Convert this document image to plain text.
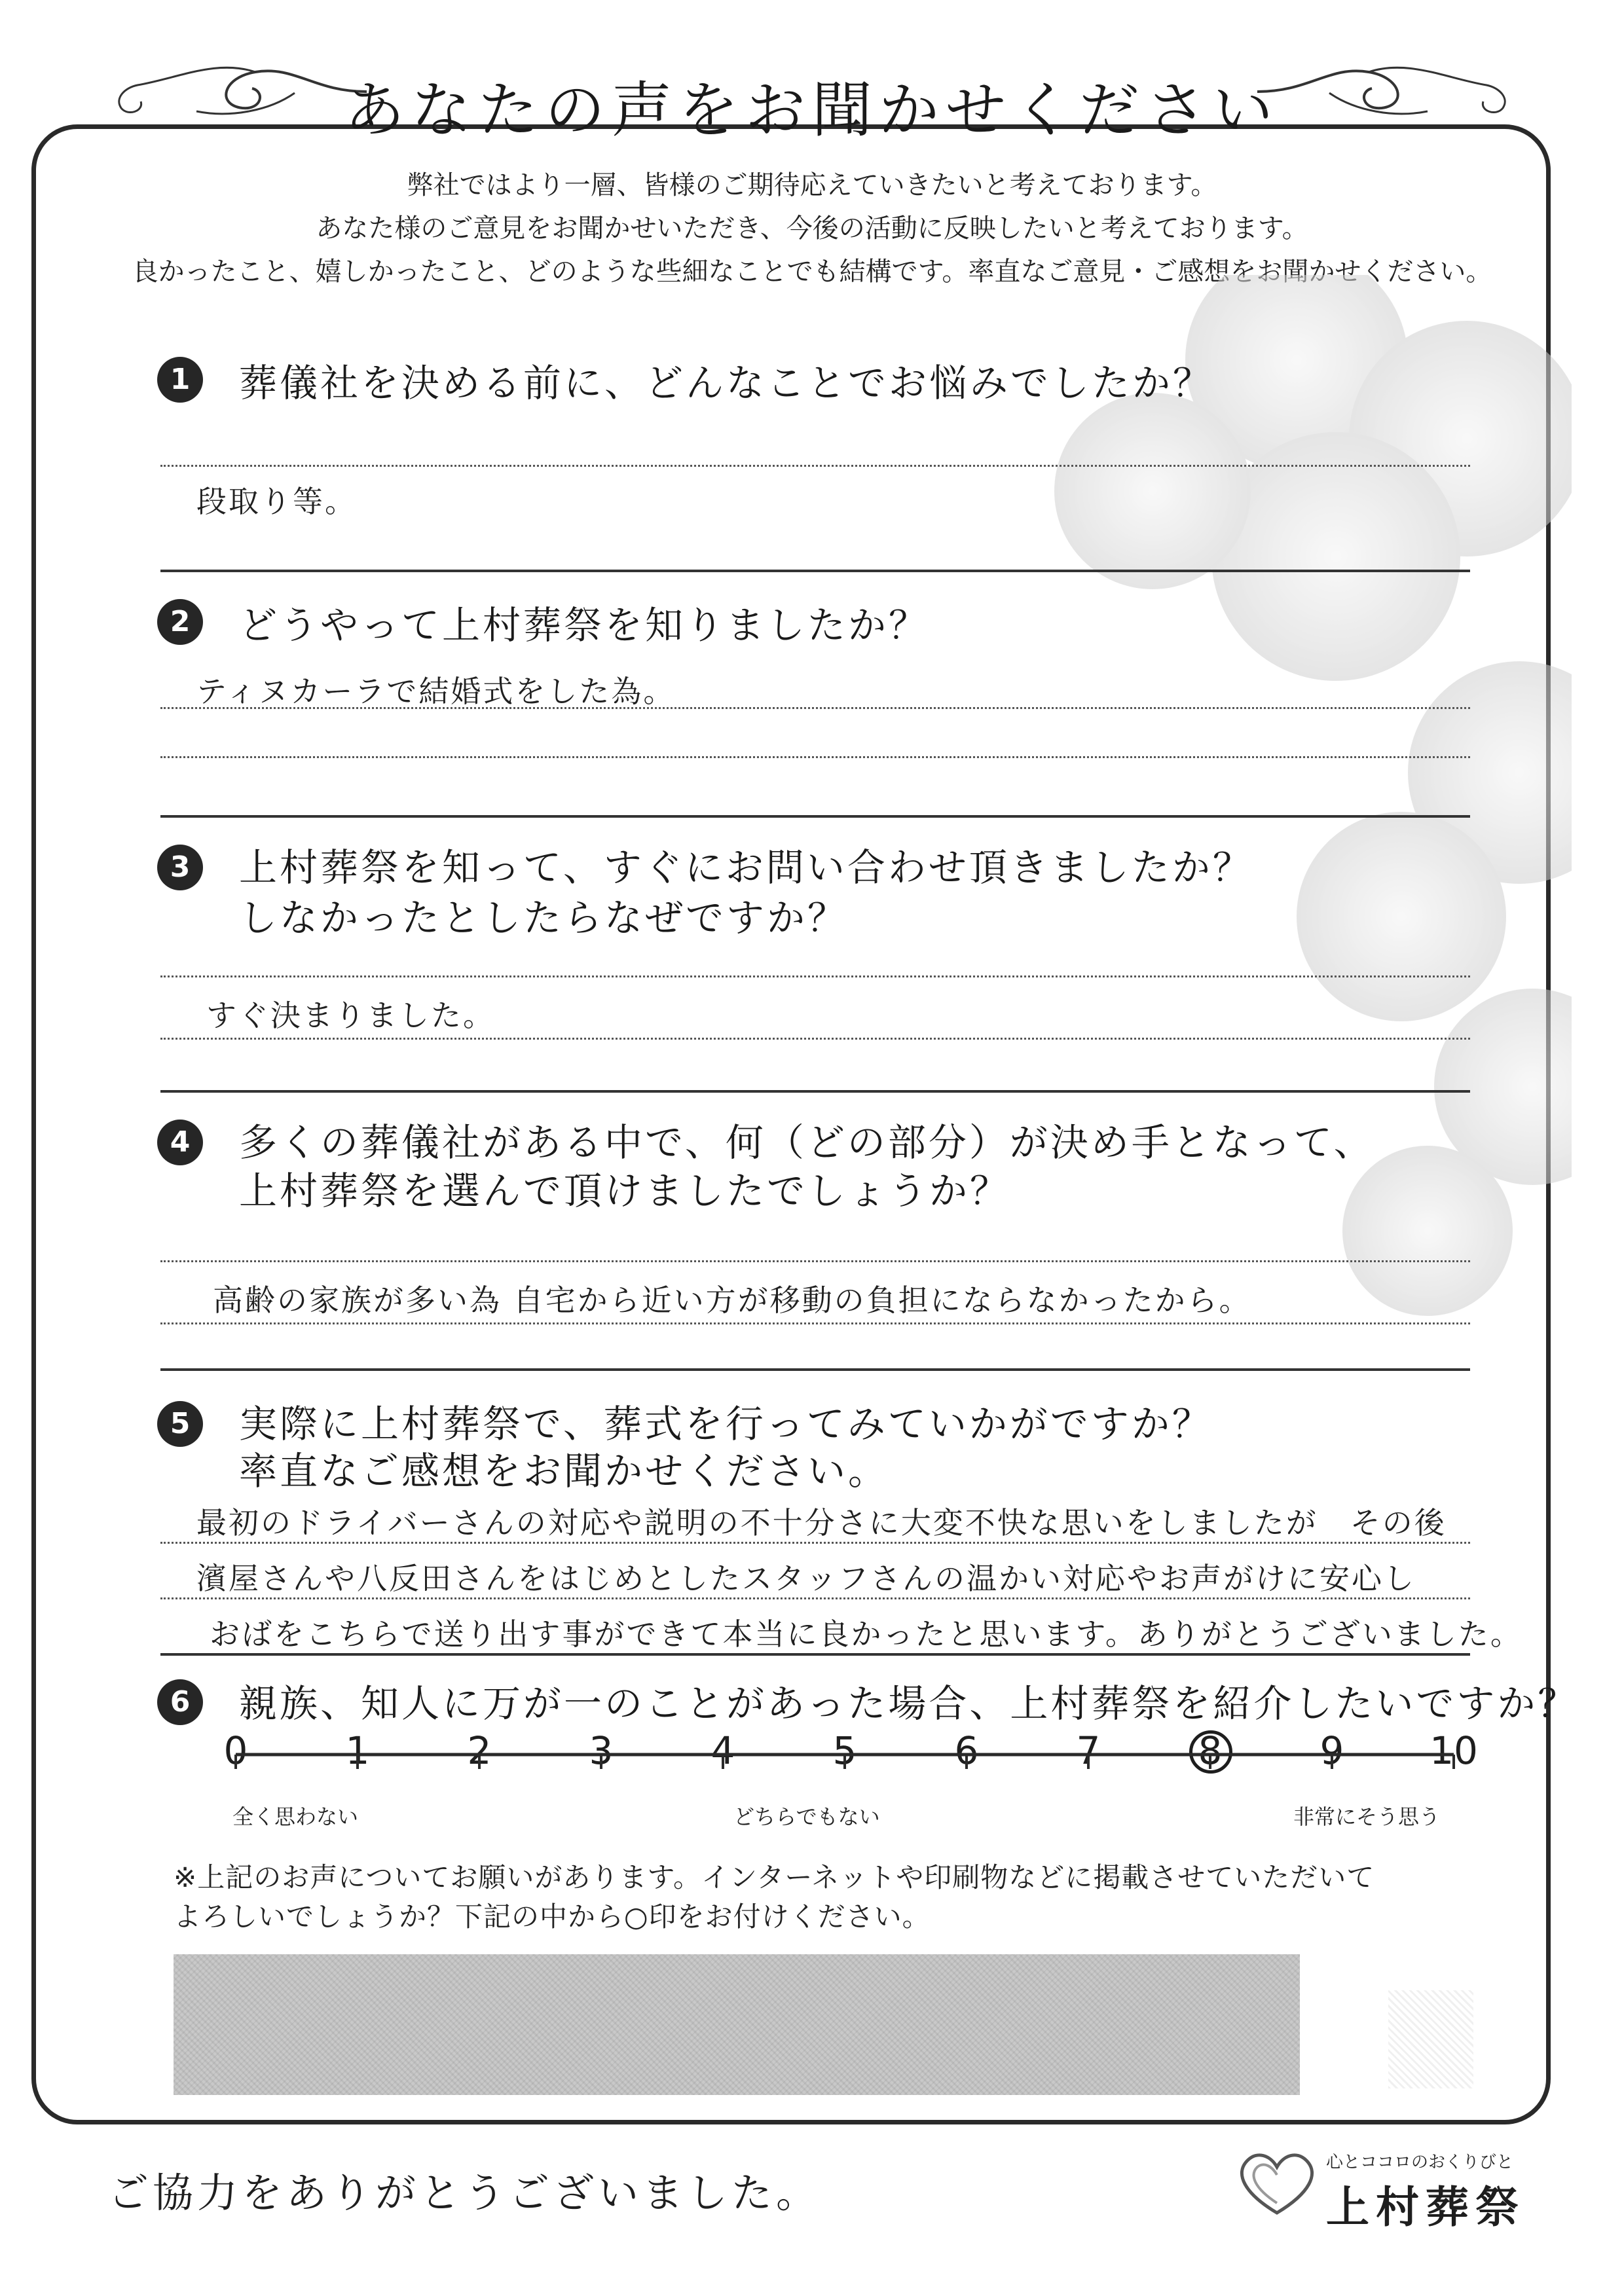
あなたの声をお聞かせください
弊社ではより一層、皆様のご期待応えていきたいと考えております。
あなた様のご意見をお聞かせいただき、今後の活動に反映したいと考えております。
良かったこと、嬉しかったこと、どのような些細なことでも結構です。率直なご意見・ご感想をお聞かせください。
1	葬儀社を決める前に、どんなことでお悩みでしたか？
段取り等。
2	どうやって上村葬祭を知りましたか？
ティヌカーラで結婚式をした為。
3	上村葬祭を知って、すぐにお問い合わせ頂きましたか？
しなかったとしたらなぜですか？
すぐ決まりました。
4	多くの葬儀社がある中で、何（どの部分）が決め手となって、
上村葬祭を選んで頂けましたでしょうか？
高齢の家族が多い為 自宅から近い方が移動の負担にならなかったから。
5	実際に上村葬祭で、葬式を行ってみていかがですか？
率直なご感想をお聞かせください。
最初のドライバーさんの対応や説明の不十分さに大変不快な思いをしましたが　その後
濱屋さんや八反田さんをはじめとしたスタッフさんの温かい対応やお声がけに安心し
おばをこちらで送り出す事ができて本当に良かったと思います。ありがとうございました。
6	親族、知人に万が一のことがあった場合、上村葬祭を紹介したいですか？
0	1	2	3	4	5	6	7	8	9	10
全く思わない	どちらでもない	非常にそう思う
※上記のお声についてお願いがあります。インターネットや印刷物などに掲載させていただいて
よろしいでしょうか？下記の中から○印をお付けください。
ご協力をありがとうございました。
心とココロのおくりびと
上村葬祭
